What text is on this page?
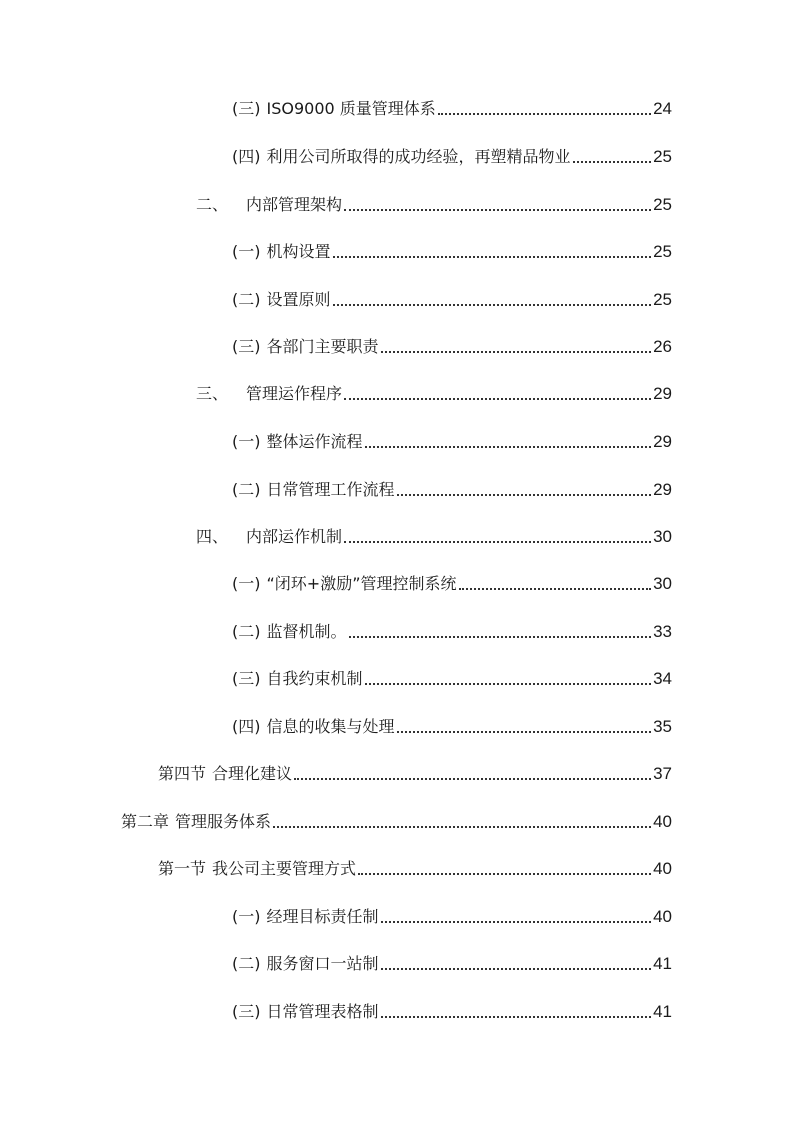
(三) ISO9000 质量管理体系	24
(四) 利用公司所取得的成功经验，再塑精品物业	25
二、 内部管理架构	25
(一) 机构设置	25
(二) 设置原则	25
(三) 各部门主要职责	26
三、 管理运作程序	29
(一) 整体运作流程	29
(二) 日常管理工作流程	29
四、 内部运作机制	30
(一) “闭环+激励”管理控制系统	30
(二) 监督机制。	33
(三) 自我约束机制	34
(四) 信息的收集与处理	35
第四节 合理化建议	37
第二章 管理服务体系	40
第一节 我公司主要管理方式	40
(一) 经理目标责任制	40
(二) 服务窗口一站制	41
(三) 日常管理表格制	41
